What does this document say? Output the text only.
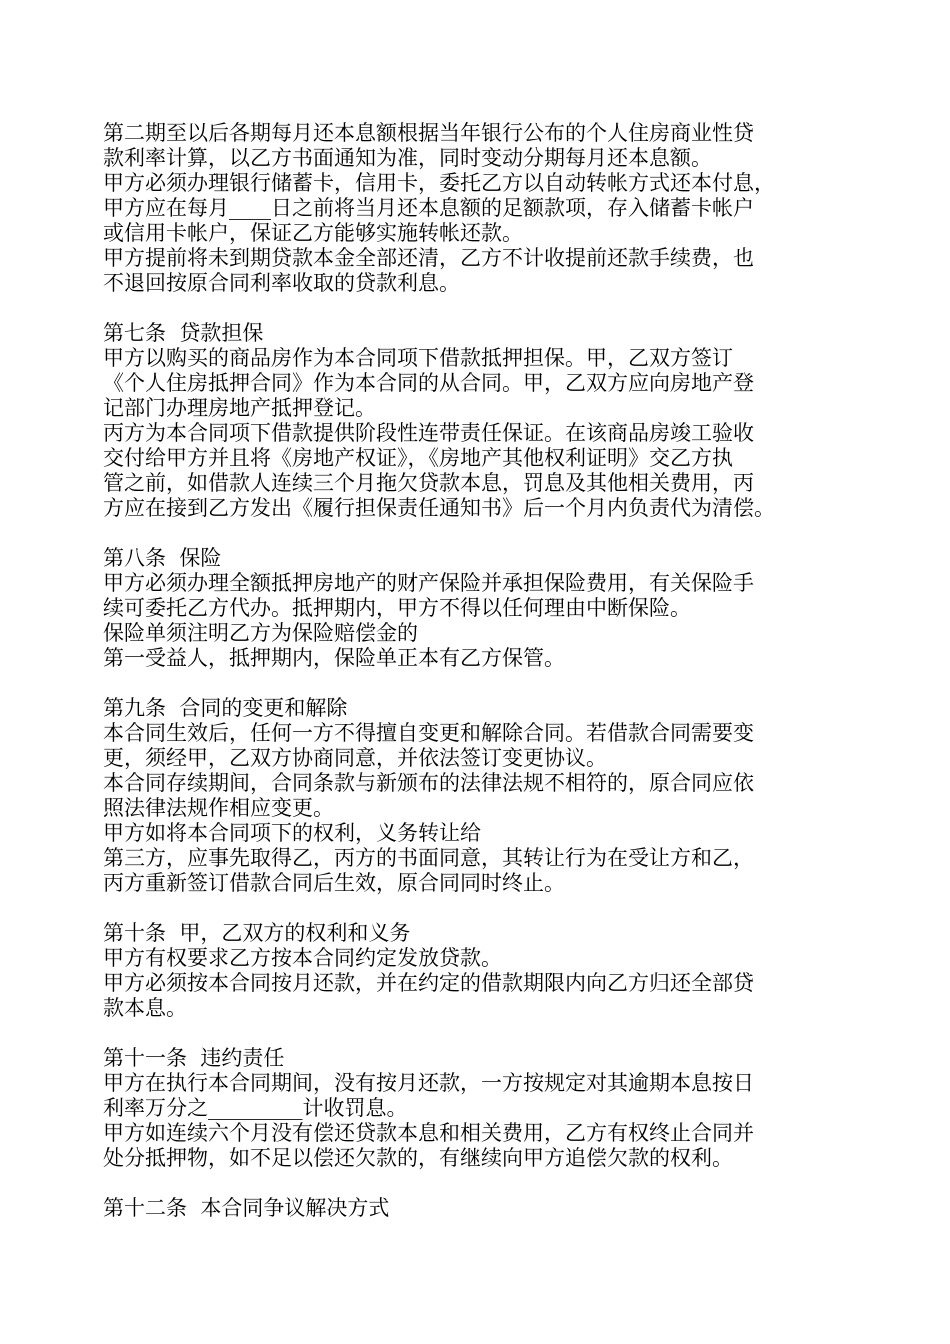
第二期至以后各期每月还本息额根据当年银行公布的个人住房商业性贷
款利率计算，以乙方书面通知为准，同时变动分期每月还本息额。
甲方必须办理银行储蓄卡，信用卡，委托乙方以自动转帐方式还本付息，
甲方应在每月____日之前将当月还本息额的足额款项，存入储蓄卡帐户
或信用卡帐户，保证乙方能够实施转帐还款。
甲方提前将未到期贷款本金全部还清，乙方不计收提前还款手续费，也
不退回按原合同利率收取的贷款利息。
第七条  贷款担保
甲方以购买的商品房作为本合同项下借款抵押担保。甲，乙双方签订
《个人住房抵押合同》作为本合同的从合同。甲，乙双方应向房地产登
记部门办理房地产抵押登记。
丙方为本合同项下借款提供阶段性连带责任保证。在该商品房竣工验收
交付给甲方并且将《房地产权证》，《房地产其他权利证明》交乙方执
管之前，如借款人连续三个月拖欠贷款本息，罚息及其他相关费用，丙
方应在接到乙方发出《履行担保责任通知书》后一个月内负责代为清偿。
第八条  保险
甲方必须办理全额抵押房地产的财产保险并承担保险费用，有关保险手
续可委托乙方代办。抵押期内，甲方不得以任何理由中断保险。
保险单须注明乙方为保险赔偿金的
第一受益人，抵押期内，保险单正本有乙方保管。
第九条  合同的变更和解除
本合同生效后，任何一方不得擅自变更和解除合同。若借款合同需要变
更，须经甲，乙双方协商同意，并依法签订变更协议。
本合同存续期间，合同条款与新颁布的法律法规不相符的，原合同应依
照法律法规作相应变更。
甲方如将本合同项下的权利，义务转让给
第三方，应事先取得乙，丙方的书面同意，其转让行为在受让方和乙，
丙方重新签订借款合同后生效，原合同同时终止。
第十条  甲，乙双方的权利和义务
甲方有权要求乙方按本合同约定发放贷款。
甲方必须按本合同按月还款，并在约定的借款期限内向乙方归还全部贷
款本息。
第十一条  违约责任
甲方在执行本合同期间，没有按月还款，一方按规定对其逾期本息按日
利率万分之_________计收罚息。
甲方如连续六个月没有偿还贷款本息和相关费用，乙方有权终止合同并
处分抵押物，如不足以偿还欠款的，有继续向甲方追偿欠款的权利。
第十二条  本合同争议解决方式
